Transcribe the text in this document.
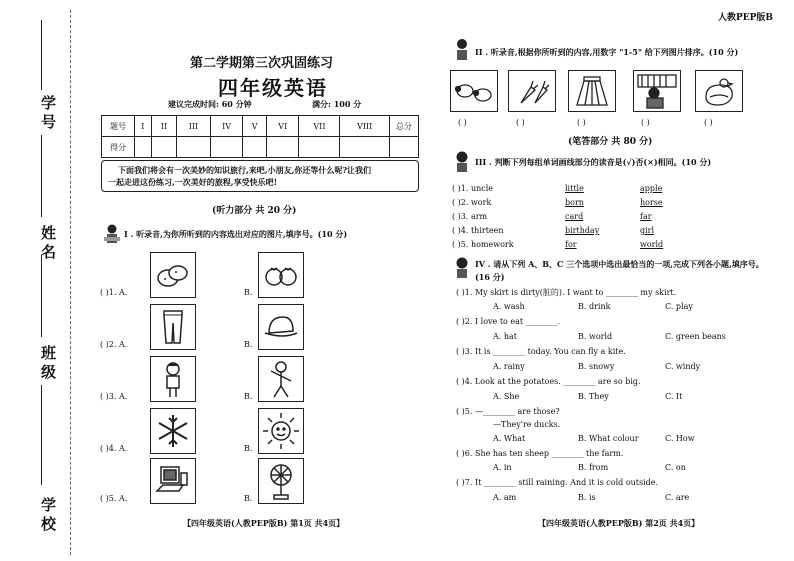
学校
班级
姓名
学号
人教PEP版B
第二学期第三次巩固练习
四年级英语
建议完成时间: 60 分钟	满分: 100 分
题号	I	II	III	IV	V	VI	VII	VIII	总分
得分									
下面我们将会有一次美妙的知识旅行,来吧,小朋友,你还等什么呢?让我们
一起走进这份练习,一次美好的旅程,享受快乐吧!
(听力部分 共 20 分)
I . 听录音,为你所听到的内容选出对应的图片,填序号。(10 分)
( )1. A.	B.
( )2. A.	B.
( )3. A.	B.
( )4. A.	B.
( )5. A.	B.
【四年级英语(人教PEP版B) 第1页 共4页】
II . 听录音,根据你所听到的内容,用数字 "1-5" 给下列图片排序。(10 分)
( )	( )	( )	( )	( )
(笔答部分 共 80 分)
III . 判断下列每组单词画线部分的读音是(√)否(×)相同。(10 分)
( )1. uncle	little	apple
( )2. work	born	horse
( )3. arm	card	far
( )4. thirteen	birthday	girl
( )5. homework	for	world
IV . 请从下列 A、B、C 三个选项中选出最恰当的一项,完成下列各小题,填序号。
(16 分)
( )1. My skirt is dirty(脏的). I want to ________ my skirt.
A. wash	B. drink	C. play
( )2. I love to eat ________.
A. hat	B. world	C. green beans
( )3. It is ________ today. You can fly a kite.
A. rainy	B. snowy	C. windy
( )4. Look at the potatoes. ________ are so big.
A. She	B. They	C. It
( )5. —________ are those?
—They're ducks.
A. What	B. What colour	C. How
( )6. She has ten sheep ________ the farm.
A. in	B. from	C. on
( )7. It ________ still raining. And it is cold outside.
A. am	B. is	C. are
【四年级英语(人教PEP版B) 第2页 共4页】
